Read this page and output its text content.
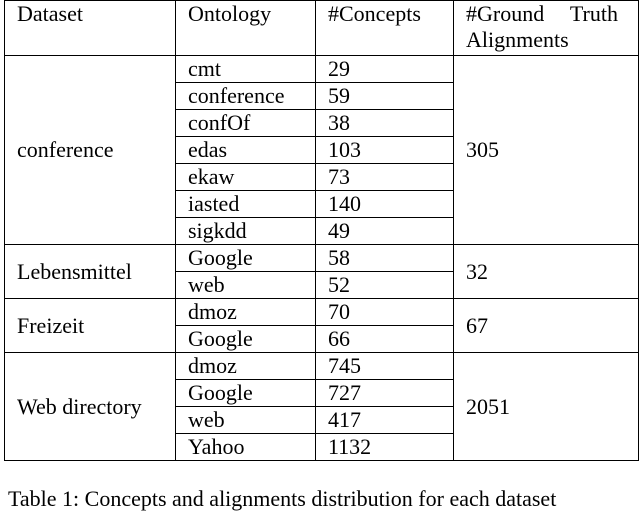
Dataset	Ontology	#Concepts	#Ground Truth
Alignments
conference	cmt	29	305
	conference	59	
	confOf	38	
	edas	103	
	ekaw	73	
	iasted	140	
	sigkdd	49	
Lebensmittel	Google	58	32
	web	52	
Freizeit	dmoz	70	67
	Google	66	
Web directory	dmoz	745	2051
	Google	727	
	web	417	
	Yahoo	1132	
Table 1: Concepts and alignments distribution for each dataset
